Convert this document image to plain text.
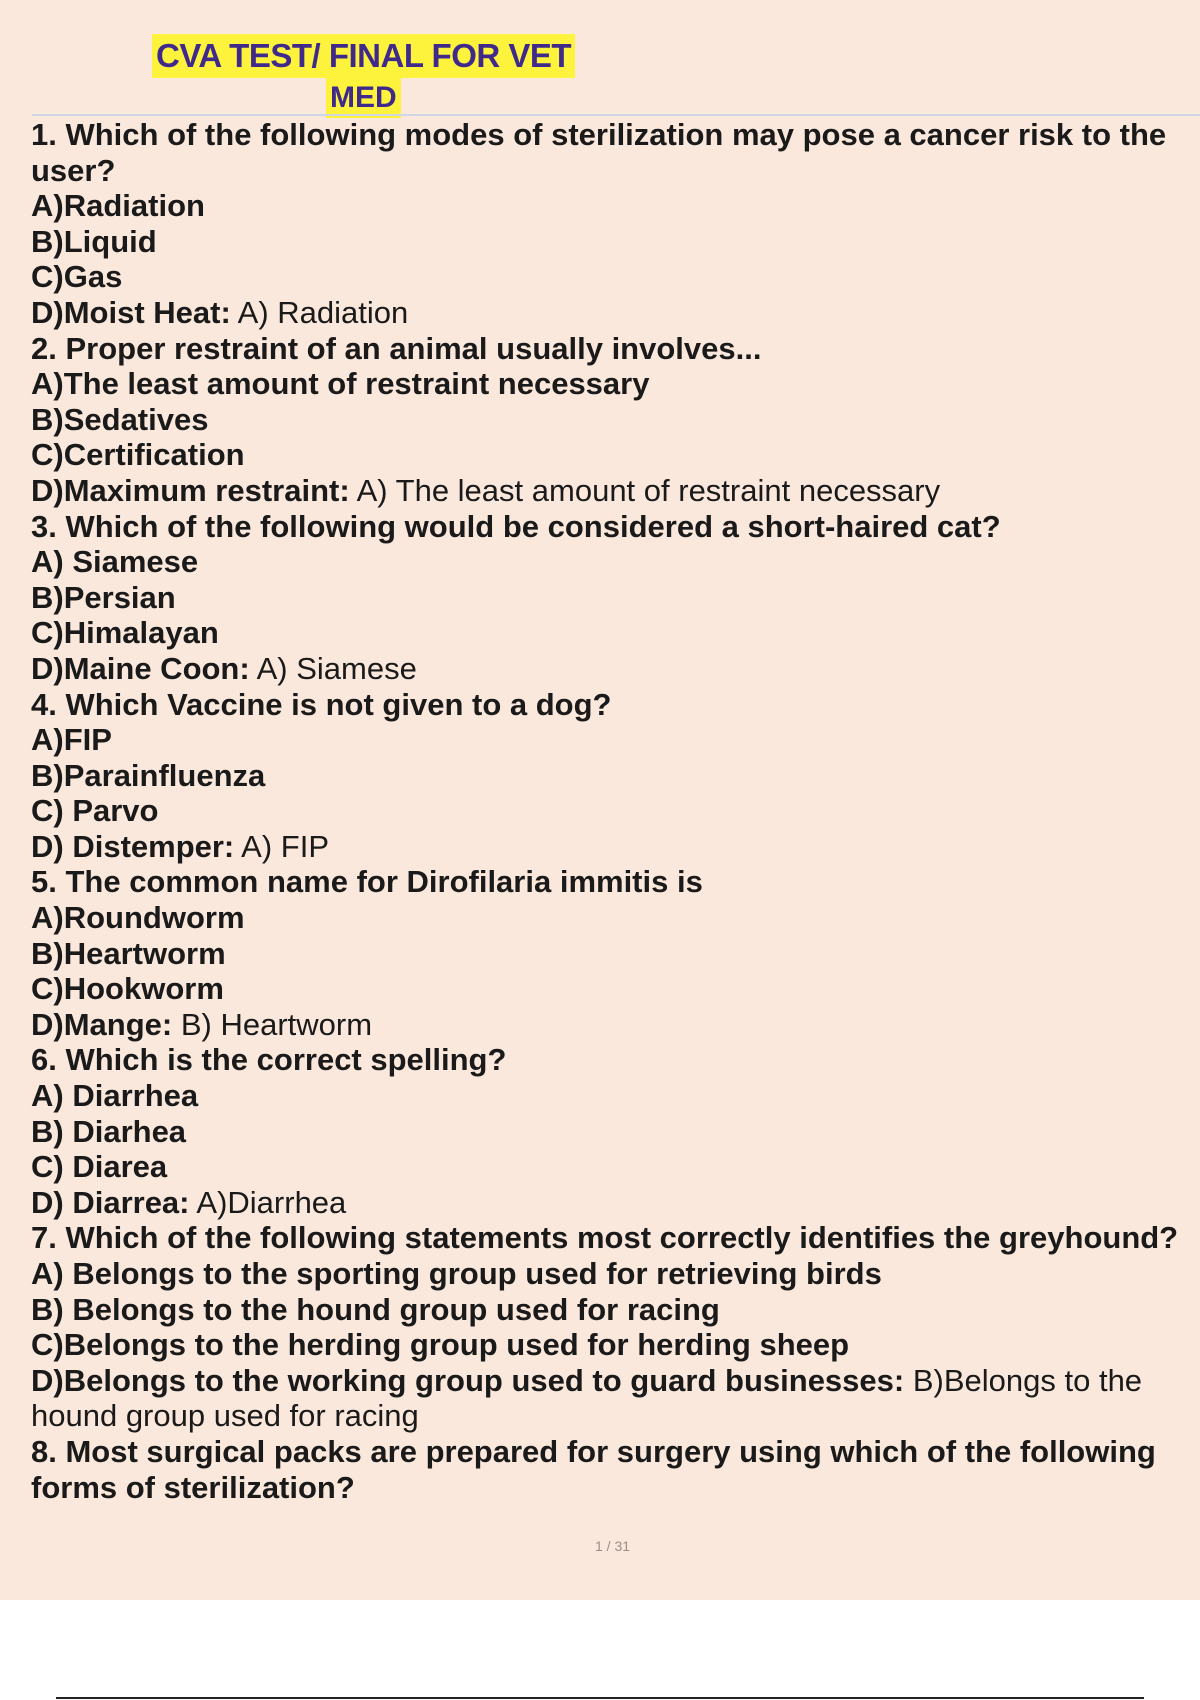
CVA TEST/ FINAL FOR VET
MED
1. Which of the following modes of sterilization may pose a cancer risk to the user?
A)Radiation
B)Liquid
C)Gas
D)Moist Heat: A) Radiation
2. Proper restraint of an animal usually involves...
A)The least amount of restraint necessary
B)Sedatives
C)Certification
D)Maximum restraint: A) The least amount of restraint necessary
3. Which of the following would be considered a short-haired cat?
A) Siamese
B)Persian
C)Himalayan
D)Maine Coon: A) Siamese
4. Which Vaccine is not given to a dog?
A)FIP
B)Parainfluenza
C) Parvo
D) Distemper: A) FIP
5. The common name for Dirofilaria immitis is
A)Roundworm
B)Heartworm
C)Hookworm
D)Mange: B) Heartworm
6. Which is the correct spelling?
A) Diarrhea
B) Diarhea
C) Diarea
D) Diarrea: A)Diarrhea
7. Which of the following statements most correctly identifies the greyhound?
A) Belongs to the sporting group used for retrieving birds
B) Belongs to the hound group used for racing
C)Belongs to the herding group used for herding sheep
D)Belongs to the working group used to guard businesses: B)Belongs to the hound group used for racing
8. Most surgical packs are prepared for surgery using which of the following forms of sterilization?
1 / 31
